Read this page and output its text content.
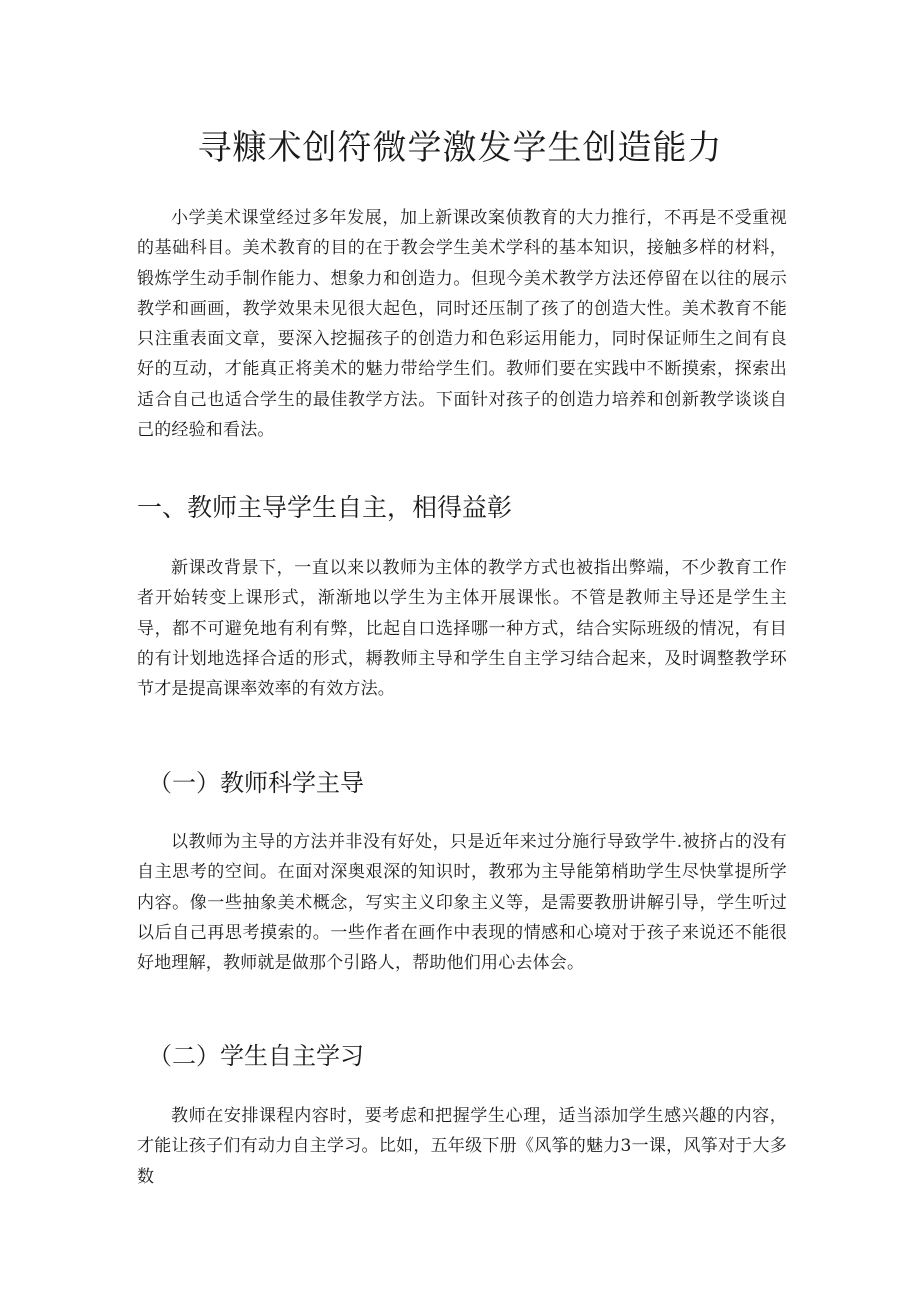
寻糠术创符微学激发学生创造能力

小学美术课堂经过多年发展，加上新课改案侦教育的大力推行，不再是不受重视的基础科目。美术教育的目的在于教会学生美术学科的基本知识，接触多样的材料，锻炼学生动手制作能力、想象力和创造力。但现今美术教学方法还停留在以往的展示教学和画画，教学效果未见很大起色，同时还压制了孩了的创造大性。美术教育不能只注重表面文章，要深入挖掘孩子的创造力和色彩运用能力，同时保证师生之间有良好的互动，才能真正将美术的魅力带给学生们。教师们要在实践中不断摸索，探索出适合自己也适合学生的最佳教学方法。下面针对孩子的创造力培养和创新教学谈谈自己的经验和看法。

一、教师主导学生自主，相得益彰

新课改背景下，一直以来以教师为主体的教学方式也被指出弊端，不少教育工作者开始转变上课形式，渐渐地以学生为主体开展课怅。不管是教师主导还是学生主导，都不可避免地有利有弊，比起自口选择哪一种方式，结合实际班级的情况，有目的有计划地选择合适的形式，耨教师主导和学生自主学习结合起来，及时调整教学环节才是提高课率效率的有效方法。

（一）教师科学主导

以教师为主导的方法并非没有好处，只是近年来过分施行导致学牛.被挤占的没有自主思考的空间。在面对深奥艰深的知识时，教邪为主导能第梢助学生尽快掌提所学内容。像一些抽象美术概念，写实主义印象主义等，是需要教册讲解引导，学生听过以后自己再思考摸索的。一些作者在画作中表现的情感和心境对于孩子来说还不能很好地理解，教师就是做那个引路人，帮助他们用心去体会。

（二）学生自主学习

教师在安排课程内容时，要考虑和把握学生心理，适当添加学生感兴趣的内容，才能让孩子们有动力自主学习。比如，五年级下册《风筝的魅力3一课，风筝对于大多数
